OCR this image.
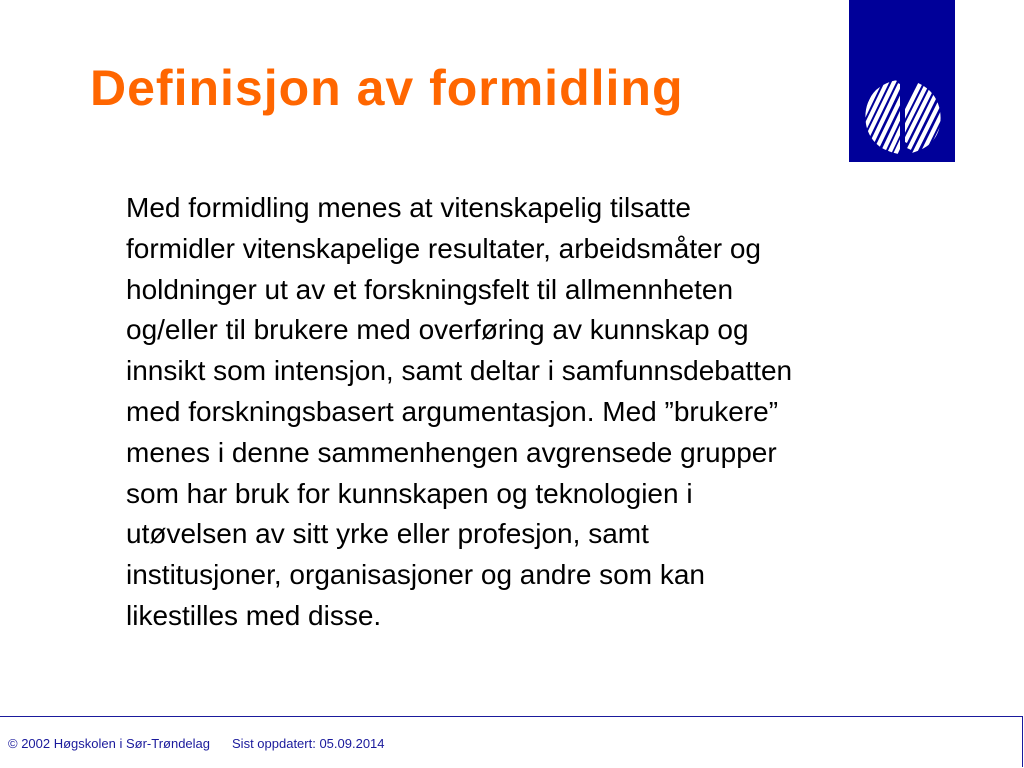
Definisjon av formidling
Med formidling menes at vitenskapelig tilsatte
formidler vitenskapelige resultater, arbeidsmåter og
holdninger ut av et forskningsfelt til allmennheten
og/eller til brukere med overføring av kunnskap og
innsikt som intensjon, samt deltar i samfunnsdebatten
med forskningsbasert argumentasjon. Med ”brukere”
menes i denne sammenhengen avgrensede grupper
som har bruk for kunnskapen og teknologien i
utøvelsen av sitt yrke eller profesjon, samt
institusjoner, organisasjoner og andre som kan
likestilles med disse.
© 2002 Høgskolen i Sør-Trøndelag Sist oppdatert: 05.09.2014
